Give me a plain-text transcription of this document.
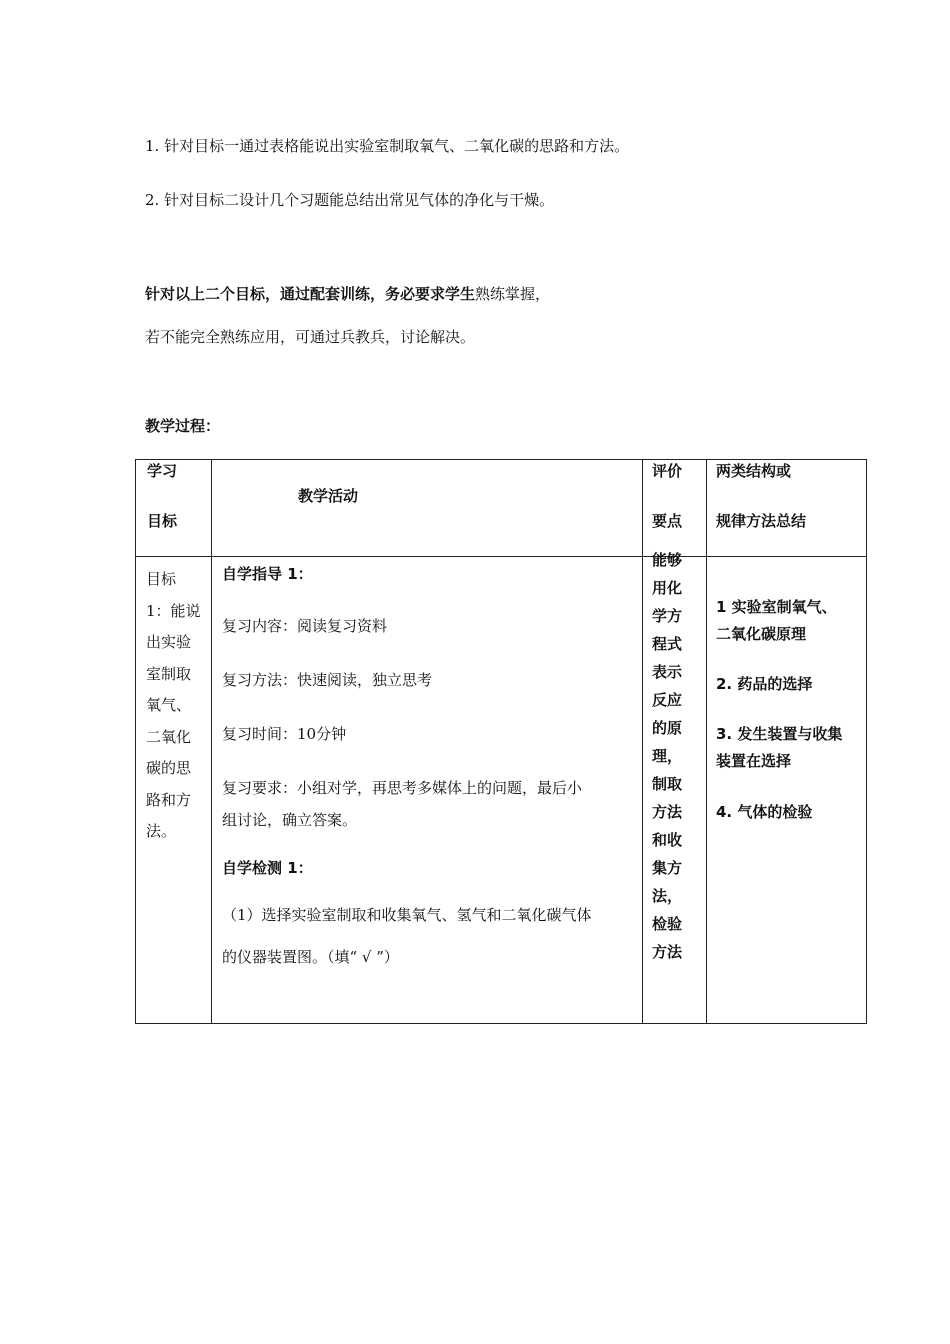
1. 针对目标一通过表格能说出实验室制取氧气、二氧化碳的思路和方法。
2. 针对目标二设计几个习题能总结出常见气体的净化与干燥。
针对以上二个目标，通过配套训练，务必要求学生熟练掌握，
若不能完全熟练应用，可通过兵教兵，讨论解决。
教学过程：
学习
目标
教学活动
评价
要点
两类结构或
规律方法总结

目标

1：能说

出实验

室制取

氧气、

二氧化

碳的思

路和方

法。

自学指导 1：
复习内容：阅读复习资料
复习方法：快速阅读，独立思考
复习时间：10分钟
复习要求：小组对学，再思考多媒体上的问题，最后小
组讨论，确立答案。
自学检测 1：
（1）选择实验室制取和收集氧气、氢气和二氧化碳气体
的仪器装置图。（填“ √ ”）

能够

用化

学方

程式

表示

反应

的原

理，

制取

方法

和收

集方

法，

检验

方法

1 实验室制氧气、
二氧化碳原理
2. 药品的选择
3. 发生装置与收集
装置在选择
4. 气体的检验
